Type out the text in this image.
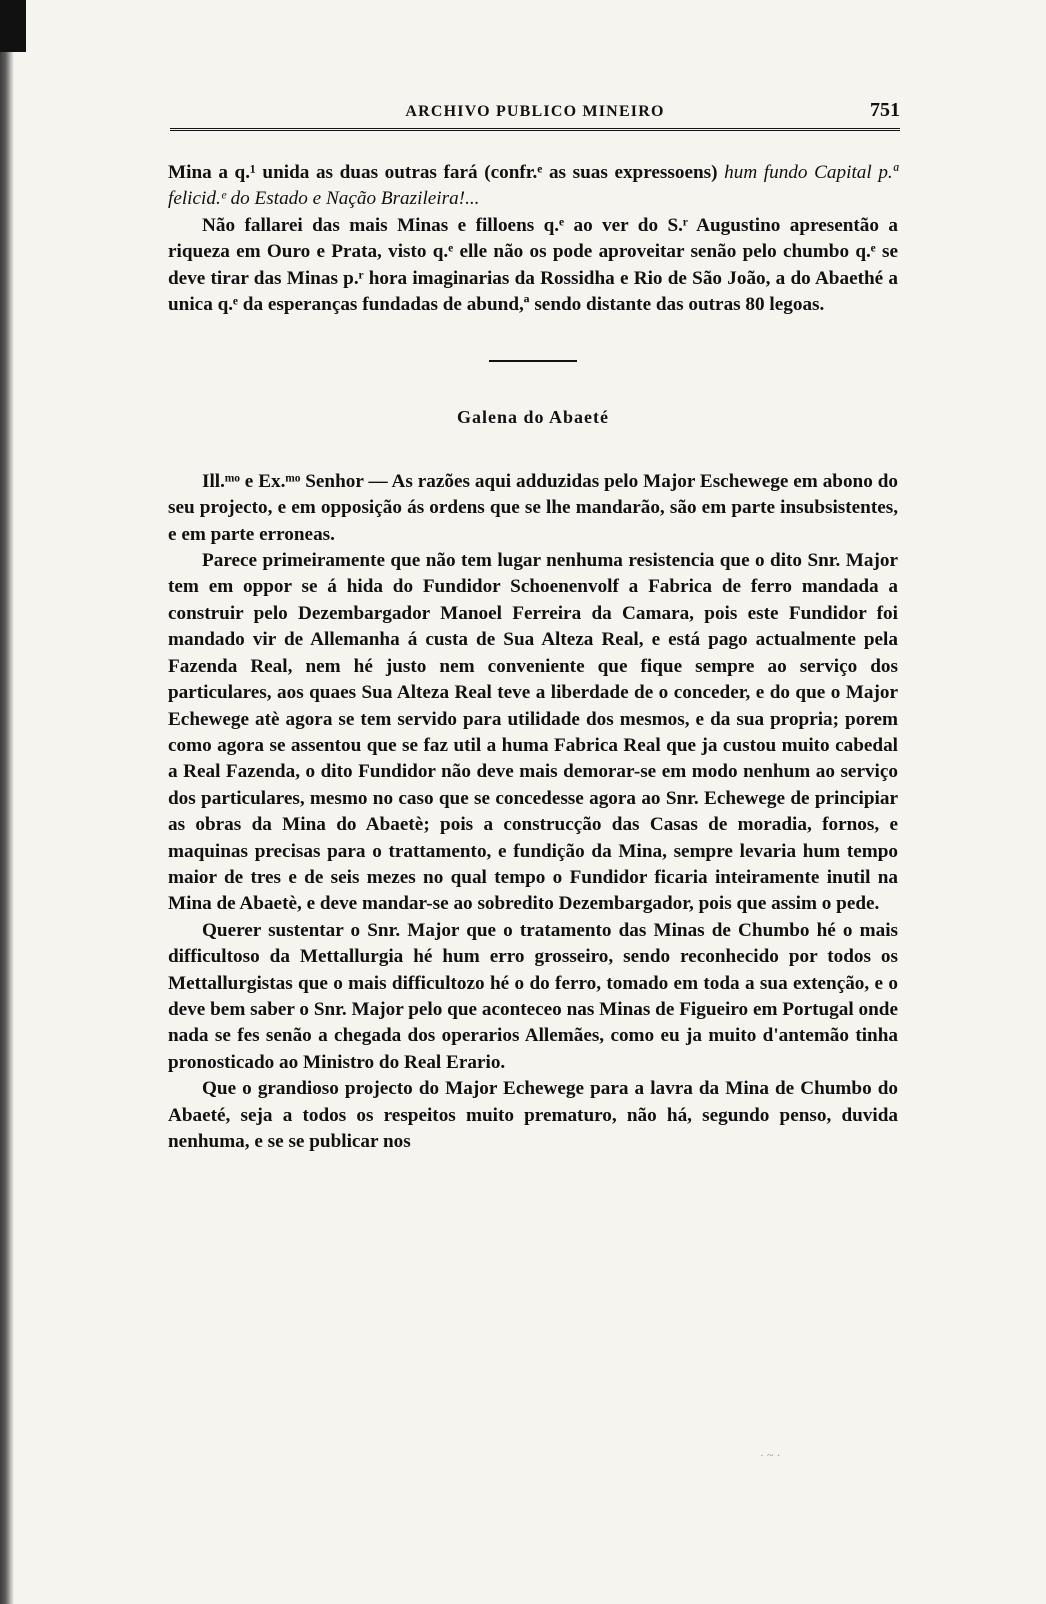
ARCHIVO PUBLICO MINEIRO	751

Mina a q.¹ unida as duas outras fará (confr.ᵉ as suas expressoens) hum fundo Capital p.ª felicid.ᵉ do Estado e Nação Brazileira!...

Não fallarei das mais Minas e filloens q.ᵉ ao ver do S.ʳ Augustino apresentão a riqueza em Ouro e Prata, visto q.ᵉ elle não os pode aproveitar senão pelo chumbo q.ᵉ se deve tirar das Minas p.ʳ hora imaginarias da Rossidha e Rio de São João, a do Abaethé a unica q.ᵉ da esperanças fundadas de abund,ª sendo distante das outras 80 legoas.

Galena do Abaeté

Ill.ᵐᵒ e Ex.ᵐᵒ Senhor — As razões aqui adduzidas pelo Major Eschewege em abono do seu projecto, e em opposição ás ordens que se lhe mandarão, são em parte insubsistentes, e em parte erroneas.

Parece primeiramente que não tem lugar nenhuma resistencia que o dito Snr. Major tem em oppor se á hida do Fundidor Schoenenvolf a Fabrica de ferro mandada a construir pelo Dezembargador Manoel Ferreira da Camara, pois este Fundidor foi mandado vir de Allemanha á custa de Sua Alteza Real, e está pago actualmente pela Fazenda Real, nem hé justo nem conveniente que fique sempre ao serviço dos particulares, aos quaes Sua Alteza Real teve a liberdade de o conceder, e do que o Major Echewege atè agora se tem servido para utilidade dos mesmos, e da sua propria; porem como agora se assentou que se faz util a huma Fabrica Real que ja custou muito cabedal a Real Fazenda, o dito Fundidor não deve mais demorar-se em modo nenhum ao serviço dos particulares, mesmo no caso que se concedesse agora ao Snr. Echewege de principiar as obras da Mina do Abaetè; pois a construcção das Casas de moradia, fornos, e maquinas precisas para o trattamento, e fundição da Mina, sempre levaria hum tempo maior de tres e de seis mezes no qual tempo o Fundidor ficaria inteiramente inutil na Mina de Abaetè, e deve mandar-se ao sobredito Dezembargador, pois que assim o pede.

Querer sustentar o Snr. Major que o tratamento das Minas de Chumbo hé o mais difficultoso da Mettallurgia hé hum erro grosseiro, sendo reconhecido por todos os Mettallurgistas que o mais difficultozo hé o do ferro, tomado em toda a sua extenção, e o deve bem saber o Snr. Major pelo que aconteceo nas Minas de Figueiro em Portugal onde nada se fes senão a chegada dos operarios Allemães, como eu ja muito d'antemão tinha pronosticado ao Ministro do Real Erario.

Que o grandioso projecto do Major Echewege para a lavra da Mina de Chumbo do Abaeté, seja a todos os respeitos muito prematuro, não há, segundo penso, duvida nenhuma, e se se publicar nos

· ~ ·
